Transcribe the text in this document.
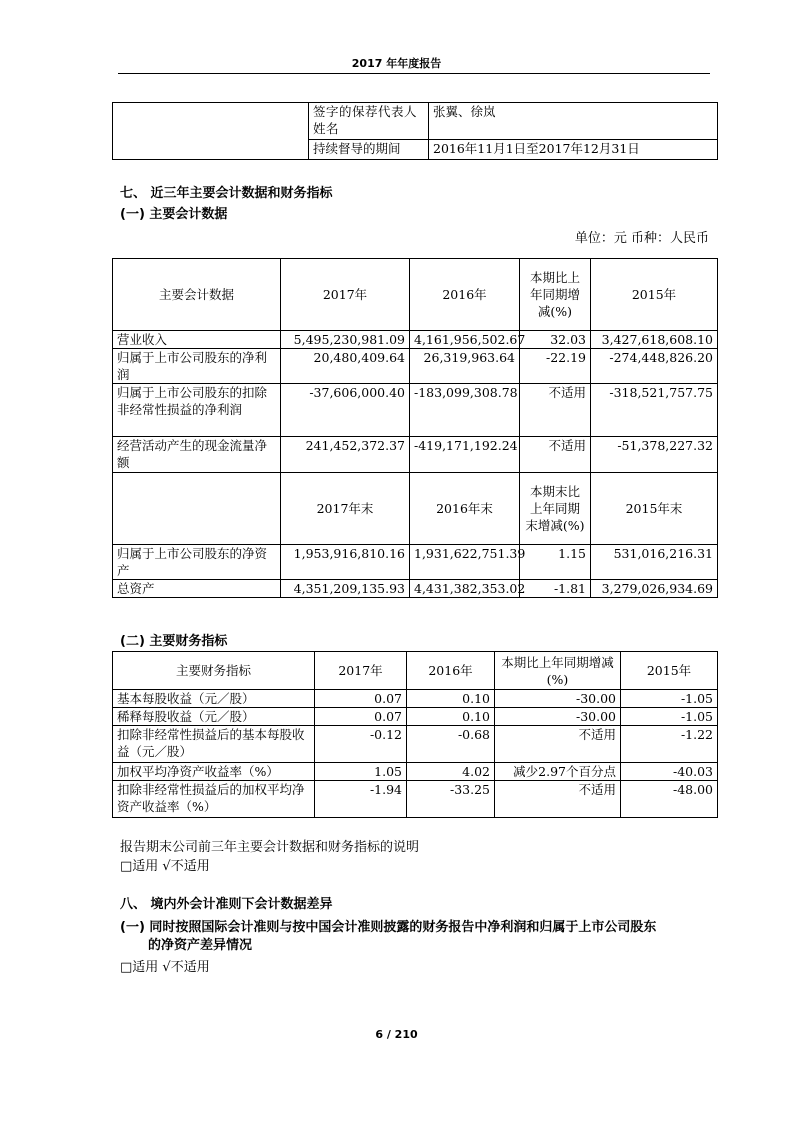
2017 年年度报告
	签字的保荐代表人姓名	张翼、徐岚
	持续督导的期间	2016年11月1日至2017年12月31日
七、 近三年主要会计数据和财务指标
(一) 主要会计数据
单位：元 币种：人民币
主要会计数据	2017年	2016年	本期比上年同期增减(%)	2015年
营业收入	5,495,230,981.09	4,161,956,502.67	32.03	3,427,618,608.10
归属于上市公司股东的净利润	20,480,409.64	26,319,963.64	-22.19	-274,448,826.20
归属于上市公司股东的扣除非经常性损益的净利润	-37,606,000.40	-183,099,308.78	不适用	-318,521,757.75
经营活动产生的现金流量净额	241,452,372.37	-419,171,192.24	不适用	-51,378,227.32
	2017年末	2016年末	本期末比上年同期末增减(%)	2015年末
归属于上市公司股东的净资产	1,953,916,810.16	1,931,622,751.39	1.15	531,016,216.31
总资产	4,351,209,135.93	4,431,382,353.02	-1.81	3,279,026,934.69
(二) 主要财务指标
主要财务指标	2017年	2016年	本期比上年同期增减(%)	2015年
基本每股收益（元／股）	0.07	0.10	-30.00	-1.05
稀释每股收益（元／股）	0.07	0.10	-30.00	-1.05
扣除非经常性损益后的基本每股收益（元／股）	-0.12	-0.68	不适用	-1.22
加权平均净资产收益率（%）	1.05	4.02	减少2.97个百分点	-40.03
扣除非经常性损益后的加权平均净资产收益率（%）	-1.94	-33.25	不适用	-48.00
报告期末公司前三年主要会计数据和财务指标的说明
□适用 √不适用
八、 境内外会计准则下会计数据差异
(一) 同时按照国际会计准则与按中国会计准则披露的财务报告中净利润和归属于上市公司股东
的净资产差异情况
□适用 √不适用
6 / 210
